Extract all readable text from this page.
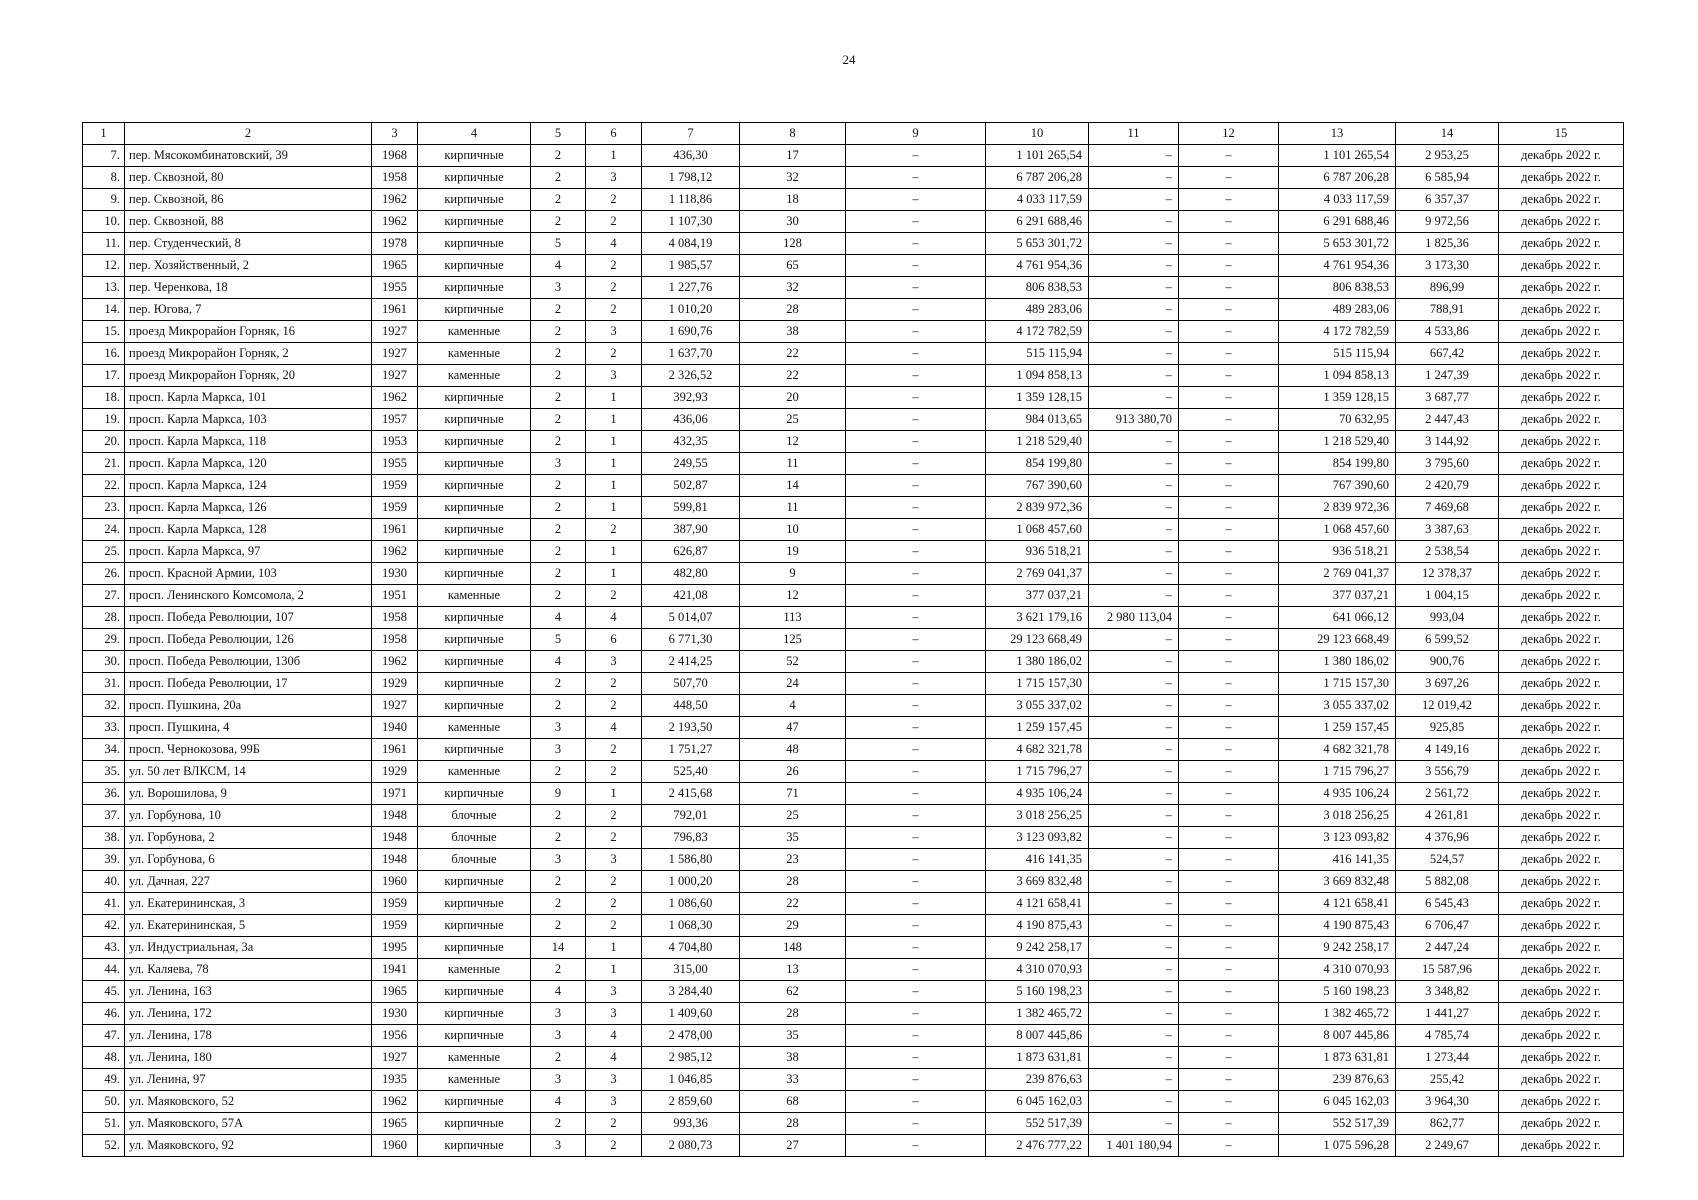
24
1	2	3	4	5	6	7	8	9	10	11	12	13	14	15
7.	пер. Мясокомбинатовский, 39	1968	кирпичные	2	1	436,30	17	–	1 101 265,54	–	–	1 101 265,54	2 953,25	декабрь 2022 г.
8.	пер. Сквозной, 80	1958	кирпичные	2	3	1 798,12	32	–	6 787 206,28	–	–	6 787 206,28	6 585,94	декабрь 2022 г.
9.	пер. Сквозной, 86	1962	кирпичные	2	2	1 118,86	18	–	4 033 117,59	–	–	4 033 117,59	6 357,37	декабрь 2022 г.
10.	пер. Сквозной, 88	1962	кирпичные	2	2	1 107,30	30	–	6 291 688,46	–	–	6 291 688,46	9 972,56	декабрь 2022 г.
11.	пер. Студенческий, 8	1978	кирпичные	5	4	4 084,19	128	–	5 653 301,72	–	–	5 653 301,72	1 825,36	декабрь 2022 г.
12.	пер. Хозяйственный, 2	1965	кирпичные	4	2	1 985,57	65	–	4 761 954,36	–	–	4 761 954,36	3 173,30	декабрь 2022 г.
13.	пер. Черенкова, 18	1955	кирпичные	3	2	1 227,76	32	–	806 838,53	–	–	806 838,53	896,99	декабрь 2022 г.
14.	пер. Югова, 7	1961	кирпичные	2	2	1 010,20	28	–	489 283,06	–	–	489 283,06	788,91	декабрь 2022 г.
15.	проезд Микрорайон Горняк, 16	1927	каменные	2	3	1 690,76	38	–	4 172 782,59	–	–	4 172 782,59	4 533,86	декабрь 2022 г.
16.	проезд Микрорайон Горняк, 2	1927	каменные	2	2	1 637,70	22	–	515 115,94	–	–	515 115,94	667,42	декабрь 2022 г.
17.	проезд Микрорайон Горняк, 20	1927	каменные	2	3	2 326,52	22	–	1 094 858,13	–	–	1 094 858,13	1 247,39	декабрь 2022 г.
18.	просп. Карла Маркса, 101	1962	кирпичные	2	1	392,93	20	–	1 359 128,15	–	–	1 359 128,15	3 687,77	декабрь 2022 г.
19.	просп. Карла Маркса, 103	1957	кирпичные	2	1	436,06	25	–	984 013,65	913 380,70	–	70 632,95	2 447,43	декабрь 2022 г.
20.	просп. Карла Маркса, 118	1953	кирпичные	2	1	432,35	12	–	1 218 529,40	–	–	1 218 529,40	3 144,92	декабрь 2022 г.
21.	просп. Карла Маркса, 120	1955	кирпичные	3	1	249,55	11	–	854 199,80	–	–	854 199,80	3 795,60	декабрь 2022 г.
22.	просп. Карла Маркса, 124	1959	кирпичные	2	1	502,87	14	–	767 390,60	–	–	767 390,60	2 420,79	декабрь 2022 г.
23.	просп. Карла Маркса, 126	1959	кирпичные	2	1	599,81	11	–	2 839 972,36	–	–	2 839 972,36	7 469,68	декабрь 2022 г.
24.	просп. Карла Маркса, 128	1961	кирпичные	2	2	387,90	10	–	1 068 457,60	–	–	1 068 457,60	3 387,63	декабрь 2022 г.
25.	просп. Карла Маркса, 97	1962	кирпичные	2	1	626,87	19	–	936 518,21	–	–	936 518,21	2 538,54	декабрь 2022 г.
26.	просп. Красной Армии, 103	1930	кирпичные	2	1	482,80	9	–	2 769 041,37	–	–	2 769 041,37	12 378,37	декабрь 2022 г.
27.	просп. Ленинского Комсомола, 2	1951	каменные	2	2	421,08	12	–	377 037,21	–	–	377 037,21	1 004,15	декабрь 2022 г.
28.	просп. Победа Революции, 107	1958	кирпичные	4	4	5 014,07	113	–	3 621 179,16	2 980 113,04	–	641 066,12	993,04	декабрь 2022 г.
29.	просп. Победа Революции, 126	1958	кирпичные	5	6	6 771,30	125	–	29 123 668,49	–	–	29 123 668,49	6 599,52	декабрь 2022 г.
30.	просп. Победа Революции, 130б	1962	кирпичные	4	3	2 414,25	52	–	1 380 186,02	–	–	1 380 186,02	900,76	декабрь 2022 г.
31.	просп. Победа Революции, 17	1929	кирпичные	2	2	507,70	24	–	1 715 157,30	–	–	1 715 157,30	3 697,26	декабрь 2022 г.
32.	просп. Пушкина, 20а	1927	кирпичные	2	2	448,50	4	–	3 055 337,02	–	–	3 055 337,02	12 019,42	декабрь 2022 г.
33.	просп. Пушкина, 4	1940	каменные	3	4	2 193,50	47	–	1 259 157,45	–	–	1 259 157,45	925,85	декабрь 2022 г.
34.	просп. Чернокозова, 99Б	1961	кирпичные	3	2	1 751,27	48	–	4 682 321,78	–	–	4 682 321,78	4 149,16	декабрь 2022 г.
35.	ул. 50 лет ВЛКСМ, 14	1929	каменные	2	2	525,40	26	–	1 715 796,27	–	–	1 715 796,27	3 556,79	декабрь 2022 г.
36.	ул. Ворошилова, 9	1971	кирпичные	9	1	2 415,68	71	–	4 935 106,24	–	–	4 935 106,24	2 561,72	декабрь 2022 г.
37.	ул. Горбунова, 10	1948	блочные	2	2	792,01	25	–	3 018 256,25	–	–	3 018 256,25	4 261,81	декабрь 2022 г.
38.	ул. Горбунова, 2	1948	блочные	2	2	796,83	35	–	3 123 093,82	–	–	3 123 093,82	4 376,96	декабрь 2022 г.
39.	ул. Горбунова, 6	1948	блочные	3	3	1 586,80	23	–	416 141,35	–	–	416 141,35	524,57	декабрь 2022 г.
40.	ул. Дачная, 227	1960	кирпичные	2	2	1 000,20	28	–	3 669 832,48	–	–	3 669 832,48	5 882,08	декабрь 2022 г.
41.	ул. Екатерининская, 3	1959	кирпичные	2	2	1 086,60	22	–	4 121 658,41	–	–	4 121 658,41	6 545,43	декабрь 2022 г.
42.	ул. Екатерининская, 5	1959	кирпичные	2	2	1 068,30	29	–	4 190 875,43	–	–	4 190 875,43	6 706,47	декабрь 2022 г.
43.	ул. Индустриальная, 3а	1995	кирпичные	14	1	4 704,80	148	–	9 242 258,17	–	–	9 242 258,17	2 447,24	декабрь 2022 г.
44.	ул. Каляева, 78	1941	каменные	2	1	315,00	13	–	4 310 070,93	–	–	4 310 070,93	15 587,96	декабрь 2022 г.
45.	ул. Ленина, 163	1965	кирпичные	4	3	3 284,40	62	–	5 160 198,23	–	–	5 160 198,23	3 348,82	декабрь 2022 г.
46.	ул. Ленина, 172	1930	кирпичные	3	3	1 409,60	28	–	1 382 465,72	–	–	1 382 465,72	1 441,27	декабрь 2022 г.
47.	ул. Ленина, 178	1956	кирпичные	3	4	2 478,00	35	–	8 007 445,86	–	–	8 007 445,86	4 785,74	декабрь 2022 г.
48.	ул. Ленина, 180	1927	каменные	2	4	2 985,12	38	–	1 873 631,81	–	–	1 873 631,81	1 273,44	декабрь 2022 г.
49.	ул. Ленина, 97	1935	каменные	3	3	1 046,85	33	–	239 876,63	–	–	239 876,63	255,42	декабрь 2022 г.
50.	ул. Маяковского, 52	1962	кирпичные	4	3	2 859,60	68	–	6 045 162,03	–	–	6 045 162,03	3 964,30	декабрь 2022 г.
51.	ул. Маяковского, 57А	1965	кирпичные	2	2	993,36	28	–	552 517,39	–	–	552 517,39	862,77	декабрь 2022 г.
52.	ул. Маяковского, 92	1960	кирпичные	3	2	2 080,73	27	–	2 476 777,22	1 401 180,94	–	1 075 596,28	2 249,67	декабрь 2022 г.
